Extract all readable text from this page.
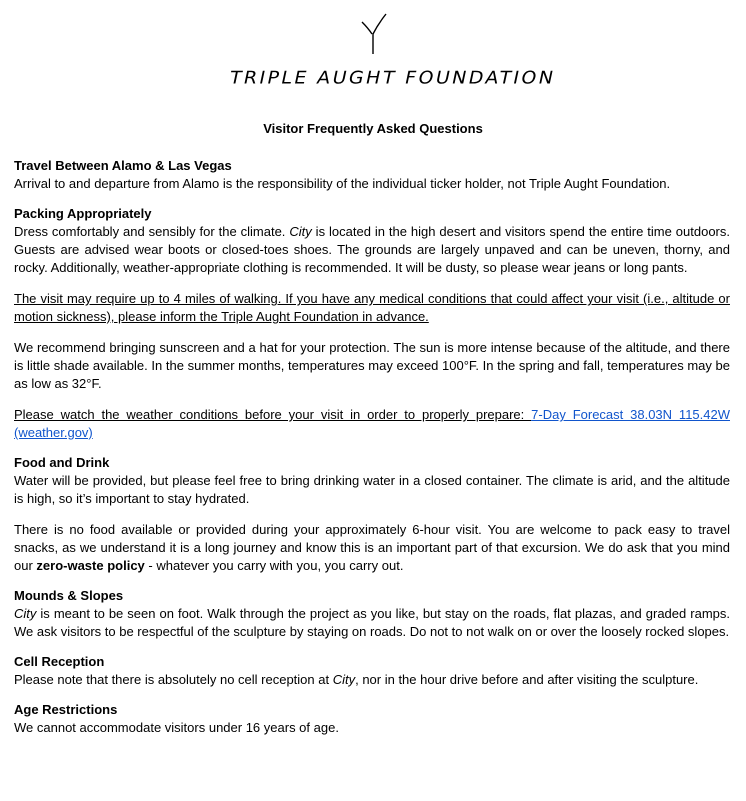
TRIPLE AUGHT FOUNDATION
Visitor Frequently Asked Questions
Travel Between Alamo & Las Vegas

Arrival to and departure from Alamo is the responsibility of the individual ticker holder, not Triple Aught Foundation.

Packing Appropriately

Dress comfortably and sensibly for the climate. City is located in the high desert and visitors spend the entire time outdoors. Guests are advised wear boots or closed-toes shoes. The grounds are largely unpaved and can be uneven, thorny, and rocky. Additionally, weather-appropriate clothing is recommended. It will be dusty, so please wear jeans or long pants.

The visit may require up to 4 miles of walking. If you have any medical conditions that could affect your visit (i.e., altitude or motion sickness), please inform the Triple Aught Foundation in advance.

We recommend bringing sunscreen and a hat for your protection. The sun is more intense because of the altitude, and there is little shade available. In the summer months, temperatures may exceed 100°F. In the spring and fall, temperatures may be as low as 32°F.

Please watch the weather conditions before your visit in order to properly prepare: 7-Day Forecast 38.03N 115.42W (weather.gov)

Food and Drink

Water will be provided, but please feel free to bring drinking water in a closed container. The climate is arid, and the altitude is high, so it’s important to stay hydrated.

There is no food available or provided during your approximately 6-hour visit. You are welcome to pack easy to travel snacks, as we understand it is a long journey and know this is an important part of that excursion. We do ask that you mind our zero-waste policy - whatever you carry with you, you carry out.

Mounds & Slopes

City is meant to be seen on foot. Walk through the project as you like, but stay on the roads, flat plazas, and graded ramps. We ask visitors to be respectful of the sculpture by staying on roads. Do not to not walk on or over the loosely rocked slopes.

Cell Reception

Please note that there is absolutely no cell reception at City, nor in the hour drive before and after visiting the sculpture.

Age Restrictions

We cannot accommodate visitors under 16 years of age.
